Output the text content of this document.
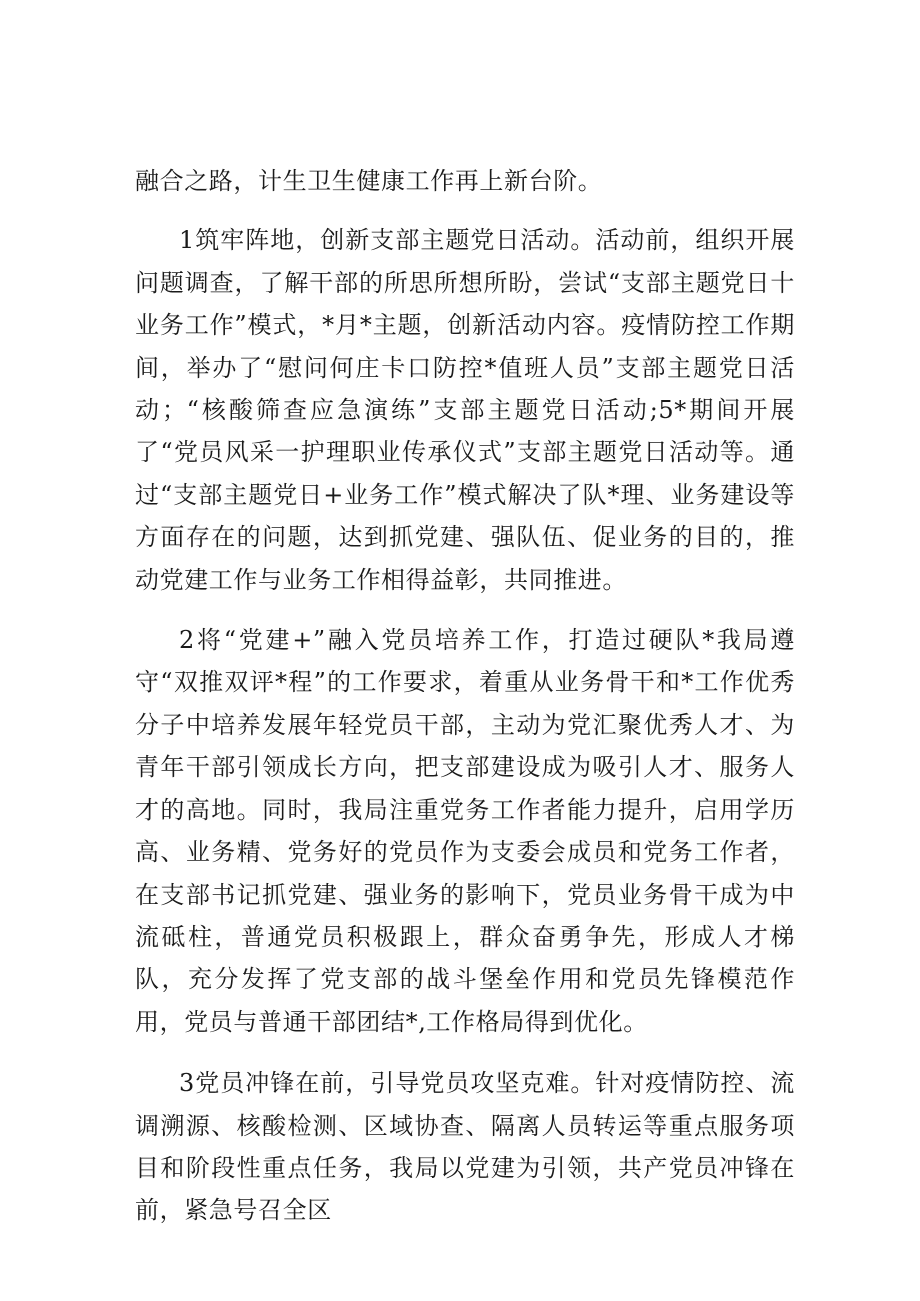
融合之路，计生卫生健康工作再上新台阶。

1筑牢阵地，创新支部主题党日活动。活动前，组织开展问题调查，了解干部的所思所想所盼，尝试“支部主题党日十业务工作”模式，*月*主题，创新活动内容。疫情防控工作期间，举办了“慰问何庄卡口防控*值班人员”支部主题党日活动；“核酸筛查应急演练”支部主题党日活动;5*期间开展了“党员风采一护理职业传承仪式”支部主题党日活动等。通过“支部主题党日+业务工作”模式解决了队*理、业务建设等方面存在的问题，达到抓党建、强队伍、促业务的目的，推动党建工作与业务工作相得益彰，共同推进。

2将“党建+”融入党员培养工作，打造过硬队*我局遵守“双推双评*程”的工作要求，着重从业务骨干和*工作优秀分子中培养发展年轻党员干部，主动为党汇聚优秀人才、为青年干部引领成长方向，把支部建设成为吸引人才、服务人才的高地。同时，我局注重党务工作者能力提升，启用学历高、业务精、党务好的党员作为支委会成员和党务工作者，在支部书记抓党建、强业务的影响下，党员业务骨干成为中流砥柱，普通党员积极跟上，群众奋勇争先，形成人才梯队，充分发挥了党支部的战斗堡垒作用和党员先锋模范作用，党员与普通干部团结*,工作格局得到优化。

3党员冲锋在前，引导党员攻坚克难。针对疫情防控、流调溯源、核酸检测、区域协查、隔离人员转运等重点服务项目和阶段性重点任务，我局以党建为引领，共产党员冲锋在前，紧急号召全区
